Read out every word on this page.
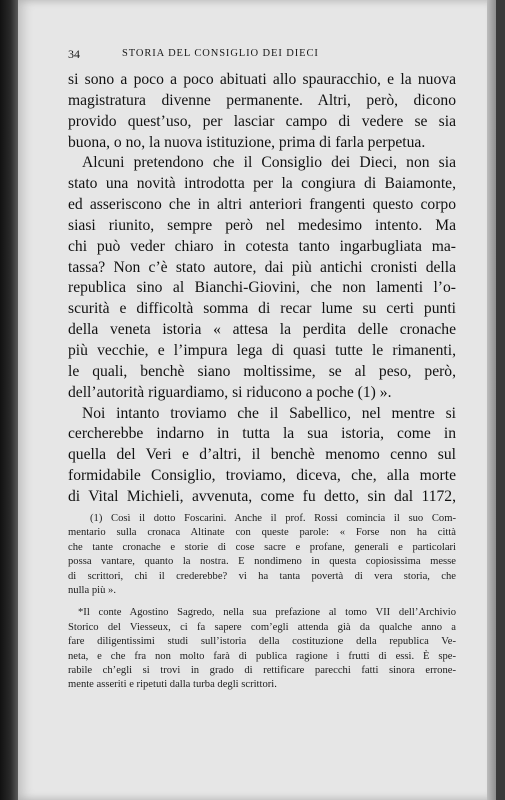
34	STORIA DEL CONSIGLIO DEI DIECI
si sono a poco a poco abituati allo spauracchio, e la nuova
magistratura divenne permanente. Altri, però, dicono
provido quest’uso, per lasciar campo di vedere se sia
buona, o no, la nuova istituzione, prima di farla perpetua.
Alcuni pretendono che il Consiglio dei Dieci, non sia
stato una novità introdotta per la congiura di Baiamonte,
ed asseriscono che in altri anteriori frangenti questo corpo
siasi riunito, sempre però nel medesimo intento. Ma
chi può veder chiaro in cotesta tanto ingarbugliata ma-
tassa? Non c’è stato autore, dai più antichi cronisti della
republica sino al Bianchi-Giovini, che non lamenti l’o-
scurità e difficoltà somma di recar lume su certi punti
della veneta istoria « attesa la perdita delle cronache
più vecchie, e l’impura lega di quasi tutte le rimanenti,
le quali, benchè siano moltissime, se al peso, però,
dell’autorità riguardiamo, si riducono a poche (1) ».
Noi intanto troviamo che il Sabellico, nel mentre si
cercherebbe indarno in tutta la sua istoria, come in
quella del Veri e d’altri, il benchè menomo cenno sul
formidabile Consiglio, troviamo, diceva, che, alla morte
di Vital Michieli, avvenuta, come fu detto, sin dal 1172,
(1) Così il dotto Foscarini. Anche il prof. Rossi comincia il suo Com-
mentario sulla cronaca Altinate con queste parole: « Forse non ha città
che tante cronache e storie di cose sacre e profane, generali e particolari
possa vantare, quanto la nostra. E nondimeno in questa copiosissima messe
di scrittori, chi il crederebbe? vi ha tanta povertà di vera storia, che
nulla più ».
*Il conte Agostino Sagredo, nella sua prefazione al tomo VII dell’Archivio
Storico del Viesseux, ci fa sapere com’egli attenda già da qualche anno a
fare diligentissimi studi sull’istoria della costituzione della republica Ve-
neta, e che fra non molto farà di publica ragione i frutti di essi. È spe-
rabile ch’egli si trovi in grado di rettificare parecchi fatti sinora errone-
mente asseriti e ripetuti dalla turba degli scrittori.
